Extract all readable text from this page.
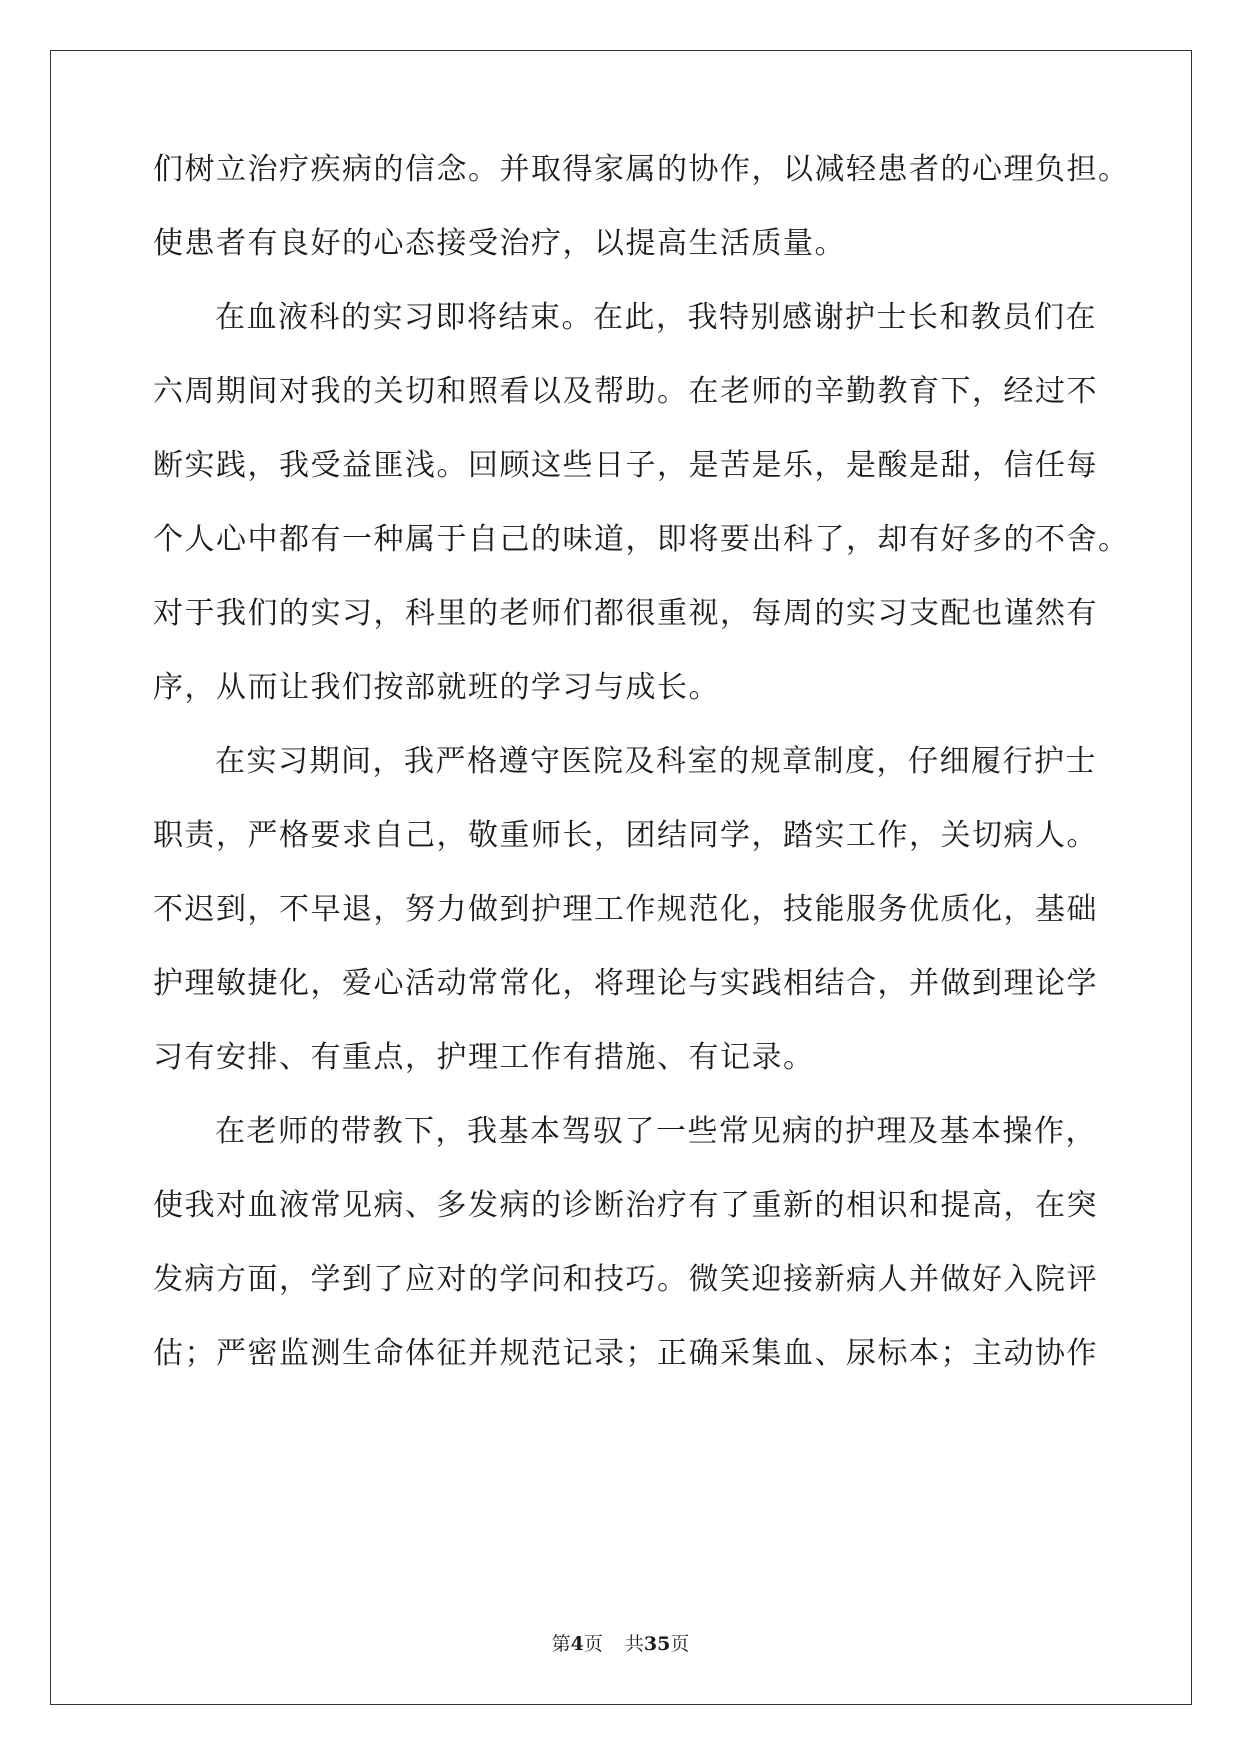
们树立治疗疾病的信念。并取得家属的协作，以减轻患者的心理负担。
使患者有良好的心态接受治疗，以提高生活质量。
在血液科的实习即将结束。在此，我特别感谢护士长和教员们在
六周期间对我的关切和照看以及帮助。在老师的辛勤教育下，经过不
断实践，我受益匪浅。回顾这些日子，是苦是乐，是酸是甜，信任每
个人心中都有一种属于自己的味道，即将要出科了，却有好多的不舍。
对于我们的实习，科里的老师们都很重视，每周的实习支配也谨然有
序，从而让我们按部就班的学习与成长。
在实习期间，我严格遵守医院及科室的规章制度，仔细履行护士
职责，严格要求自己，敬重师长，团结同学，踏实工作，关切病人。
不迟到，不早退，努力做到护理工作规范化，技能服务优质化，基础
护理敏捷化，爱心活动常常化，将理论与实践相结合，并做到理论学
习有安排、有重点，护理工作有措施、有记录。
在老师的带教下，我基本驾驭了一些常见病的护理及基本操作，
使我对血液常见病、多发病的诊断治疗有了重新的相识和提高，在突
发病方面，学到了应对的学问和技巧。微笑迎接新病人并做好入院评
估；严密监测生命体征并规范记录；正确采集血、尿标本；主动协作
第4页 共35页
